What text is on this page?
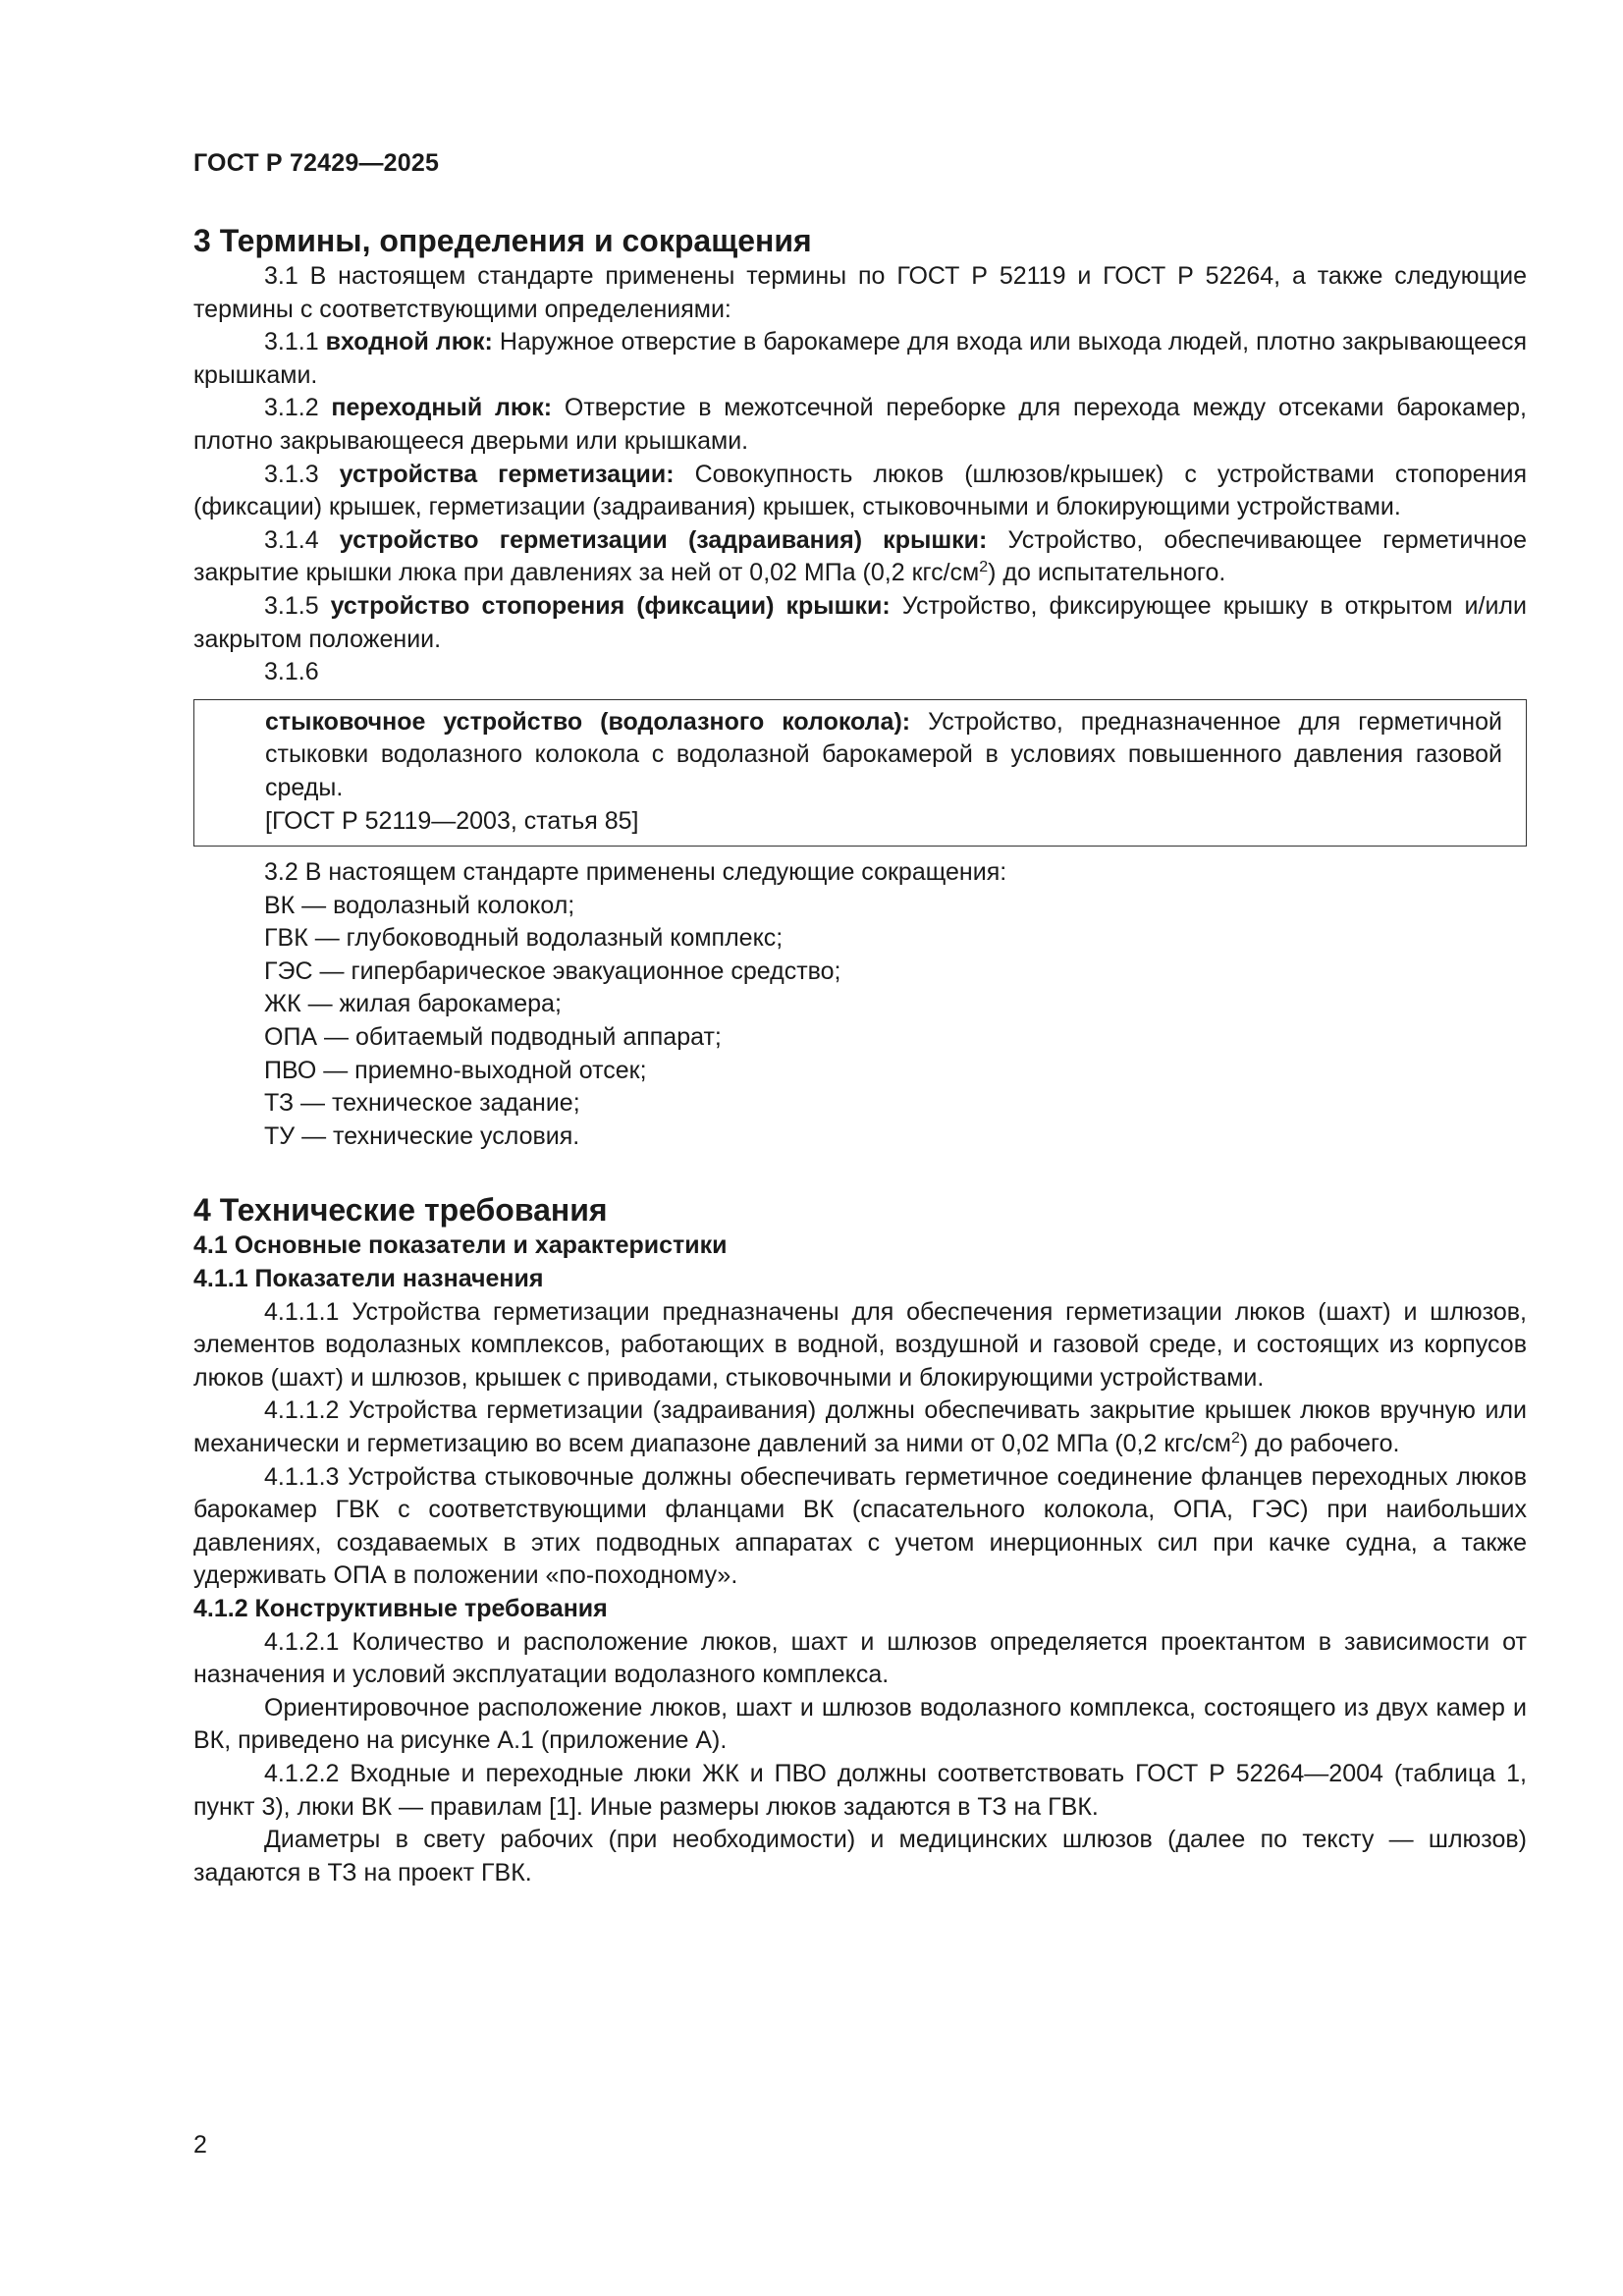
ГОСТ Р 72429—2025

3 Термины, определения и сокращения

3.1 В настоящем стандарте применены термины по ГОСТ Р 52119 и ГОСТ Р 52264, а также следующие термины с соответствующими определениями:

3.1.1 входной люк: Наружное отверстие в барокамере для входа или выхода людей, плотно закрывающееся крышками.

3.1.2 переходный люк: Отверстие в межотсечной переборке для перехода между отсеками барокамер, плотно закрывающееся дверьми или крышками.

3.1.3 устройства герметизации: Совокупность люков (шлюзов/крышек) с устройствами стопорения (фиксации) крышек, герметизации (задраивания) крышек, стыковочными и блокирующими устройствами.

3.1.4 устройство герметизации (задраивания) крышки: Устройство, обеспечивающее герметичное закрытие крышки люка при давлениях за ней от 0,02 МПа (0,2 кгс/$см^2$) до испытательного.

3.1.5 устройство стопорения (фиксации) крышки: Устройство, фиксирующее крышку в открытом и/или закрытом положении.

3.1.6

стыковочное устройство (водолазного колокола): Устройство, предназначенное для герметичной стыковки водолазного колокола с водолазной барокамерой в условиях повышенного давления газовой среды.

[ГОСТ Р 52119—2003, статья 85]

3.2 В настоящем стандарте применены следующие сокращения:

ВК — водолазный колокол;

ГВК — глубоководный водолазный комплекс;

ГЭС — гипербарическое эвакуационное средство;

ЖК — жилая барокамера;

ОПА — обитаемый подводный аппарат;

ПВО — приемно-выходной отсек;

ТЗ — техническое задание;

ТУ — технические условия.

4 Технические требования

4.1 Основные показатели и характеристики

4.1.1 Показатели назначения

4.1.1.1 Устройства герметизации предназначены для обеспечения герметизации люков (шахт) и шлюзов, элементов водолазных комплексов, работающих в водной, воздушной и газовой среде, и состоящих из корпусов люков (шахт) и шлюзов, крышек с приводами, стыковочными и блокирующими устройствами.

4.1.1.2 Устройства герметизации (задраивания) должны обеспечивать закрытие крышек люков вручную или механически и герметизацию во всем диапазоне давлений за ними от 0,02 МПа (0,2 кгс/$см^2$) до рабочего.

4.1.1.3 Устройства стыковочные должны обеспечивать герметичное соединение фланцев переходных люков барокамер ГВК с соответствующими фланцами ВК (спасательного колокола, ОПА, ГЭС) при наибольших давлениях, создаваемых в этих подводных аппаратах с учетом инерционных сил при качке судна, а также удерживать ОПА в положении «по-походному».

4.1.2 Конструктивные требования

4.1.2.1 Количество и расположение люков, шахт и шлюзов определяется проектантом в зависимости от назначения и условий эксплуатации водолазного комплекса.

Ориентировочное расположение люков, шахт и шлюзов водолазного комплекса, состоящего из двух камер и ВК, приведено на рисунке А.1 (приложение А).

4.1.2.2 Входные и переходные люки ЖК и ПВО должны соответствовать ГОСТ Р 52264—2004 (таблица 1, пункт 3), люки ВК — правилам [1]. Иные размеры люков задаются в ТЗ на ГВК.

Диаметры в свету рабочих (при необходимости) и медицинских шлюзов (далее по тексту — шлюзов) задаются в ТЗ на проект ГВК.

2
